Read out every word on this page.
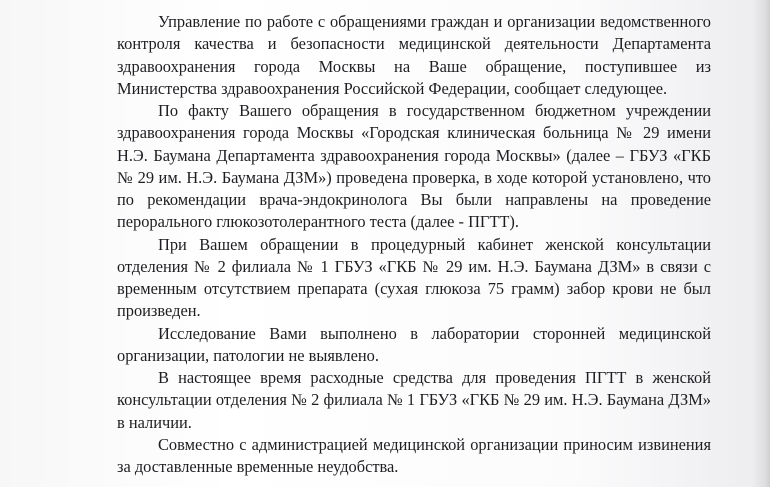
Управление по работе с обращениями граждан и организации ведомственного контроля качества и безопасности медицинской деятельности Департамента здравоохранения города Москвы на Ваше обращение, поступившее из Министерства здравоохранения Российской Федерации, сообщает следующее.

По факту Вашего обращения в государственном бюджетном учреждении здравоохранения города Москвы «Городская клиническая больница № 29 имени Н.Э. Баумана Департамента здравоохранения города Москвы» (далее – ГБУЗ «ГКБ № 29 им. Н.Э. Баумана ДЗМ») проведена проверка, в ходе которой установлено, что по рекомендации врача-эндокринолога Вы были направлены на проведение перорального глюкозотолерантного теста (далее - ПГТТ).

При Вашем обращении в процедурный кабинет женской консультации отделения № 2 филиала № 1 ГБУЗ «ГКБ № 29 им. Н.Э. Баумана ДЗМ» в связи с временным отсутствием препарата (сухая глюкоза 75 грамм) забор крови не был произведен.

Исследование Вами выполнено в лаборатории сторонней медицинской организации, патологии не выявлено.

В настоящее время расходные средства для проведения ПГТТ в женской консультации отделения № 2 филиала № 1 ГБУЗ «ГКБ № 29 им. Н.Э. Баумана ДЗМ» в наличии.

Совместно с администрацией медицинской организации приносим извинения за доставленные временные неудобства.
